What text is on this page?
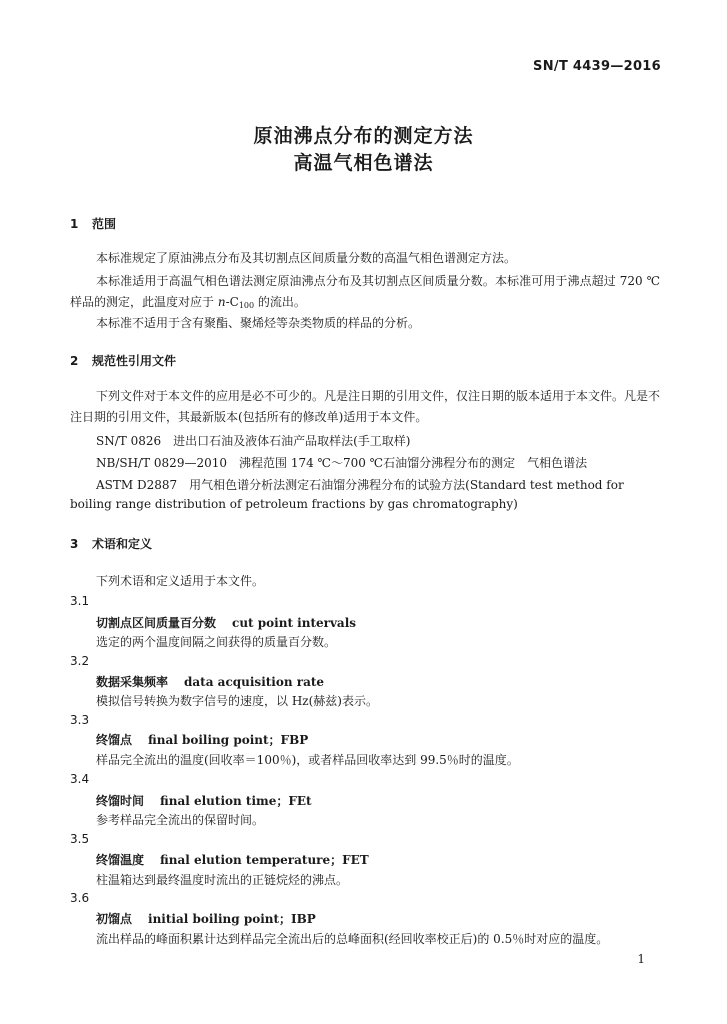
SN/T 4439—2016
原油沸点分布的测定方法
高温气相色谱法
1 范围
本标准规定了原油沸点分布及其切割点区间质量分数的高温气相色谱测定方法。
本标准适用于高温气相色谱法测定原油沸点分布及其切割点区间质量分数。本标准可用于沸点超过 720 ℃样品的测定，此温度对应于 $n-C_{100}$ 的流出。
本标准不适用于含有聚酯、聚烯烃等杂类物质的样品的分析。
2 规范性引用文件
下列文件对于本文件的应用是必不可少的。凡是注日期的引用文件，仅注日期的版本适用于本文件。凡是不注日期的引用文件，其最新版本(包括所有的修改单)适用于本文件。
SN/T 0826 进出口石油及液体石油产品取样法(手工取样)
NB/SH/T 0829—2010 沸程范围 174 ℃～700 ℃石油馏分沸程分布的测定　气相色谱法
ASTM D2887 用气相色谱分析法测定石油馏分沸程分布的试验方法(Standard test method for
boiling range distribution of petroleum fractions by gas chromatography)
3 术语和定义
下列术语和定义适用于本文件。
3.1
切割点区间质量百分数 cut point intervals
选定的两个温度间隔之间获得的质量百分数。
3.2
数据采集频率 data acquisition rate
模拟信号转换为数字信号的速度，以 Hz(赫兹)表示。
3.3
终馏点 final boiling point；FBP
样品完全流出的温度(回收率＝100％)，或者样品回收率达到 99.5％时的温度。
3.4
终馏时间 final elution time；FEt
参考样品完全流出的保留时间。
3.5
终馏温度 final elution temperature；FET
柱温箱达到最终温度时流出的正链烷烃的沸点。
3.6
初馏点 initial boiling point；IBP
流出样品的峰面积累计达到样品完全流出后的总峰面积(经回收率校正后)的 0.5％时对应的温度。
1
